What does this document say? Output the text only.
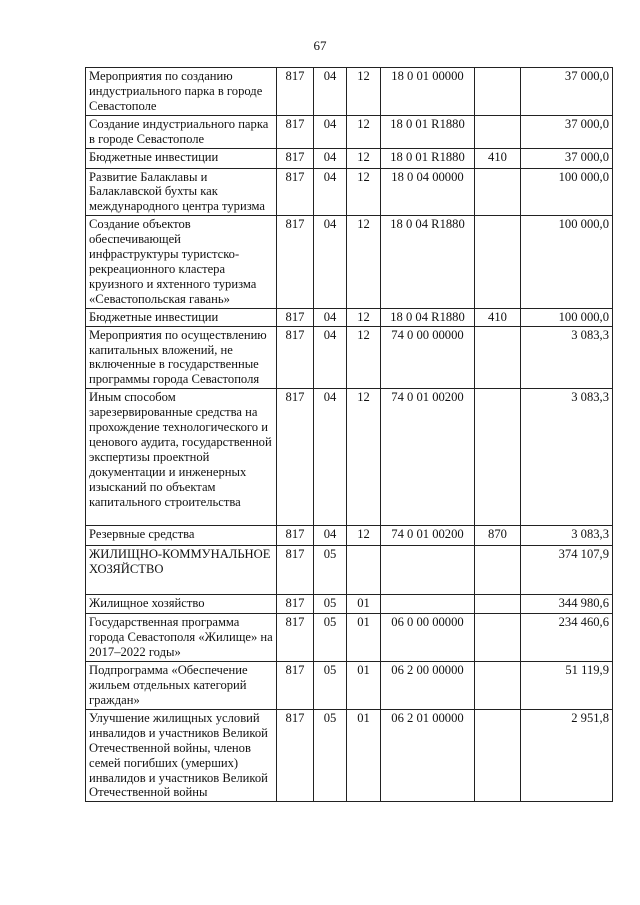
67
Мероприятия по созданию индустриального парка в городе Севастополе	817	04	12	18 0 01 00000		37 000,0
Создание индустриального парка в городе Севастополе	817	04	12	18 0 01 R1880		37 000,0
Бюджетные инвестиции	817	04	12	18 0 01 R1880	410	37 000,0
Развитие Балаклавы и Балаклавской бухты как международного центра туризма	817	04	12	18 0 04 00000		100 000,0
Создание объектов обеспечивающей инфраструктуры туристско-рекреационного кластера круизного и яхтенного туризма «Севастопольская гавань»	817	04	12	18 0 04 R1880		100 000,0
Бюджетные инвестиции	817	04	12	18 0 04 R1880	410	100 000,0
Мероприятия по осуществлению капитальных вложений, не включенные в государственные программы города Севастополя	817	04	12	74 0 00 00000		3 083,3
Иным способом зарезервированные средства на прохождение технологического и ценового аудита, государственной экспертизы проектной документации и инженерных изысканий по объектам капитального строительства	817	04	12	74 0 01 00200		3 083,3
Резервные средства	817	04	12	74 0 01 00200	870	3 083,3
ЖИЛИЩНО-КОММУНАЛЬНОЕ ХОЗЯЙСТВО	817	05				374 107,9
Жилищное хозяйство	817	05	01			344 980,6
Государственная программа города Севастополя «Жилище» на 2017–2022 годы»	817	05	01	06 0 00 00000		234 460,6
Подпрограмма «Обеспечение жильем отдельных категорий граждан»	817	05	01	06 2 00 00000		51 119,9
Улучшение жилищных условий инвалидов и участников Великой Отечественной войны, членов семей погибших (умерших) инвалидов и участников Великой Отечественной войны	817	05	01	06 2 01 00000		2 951,8
